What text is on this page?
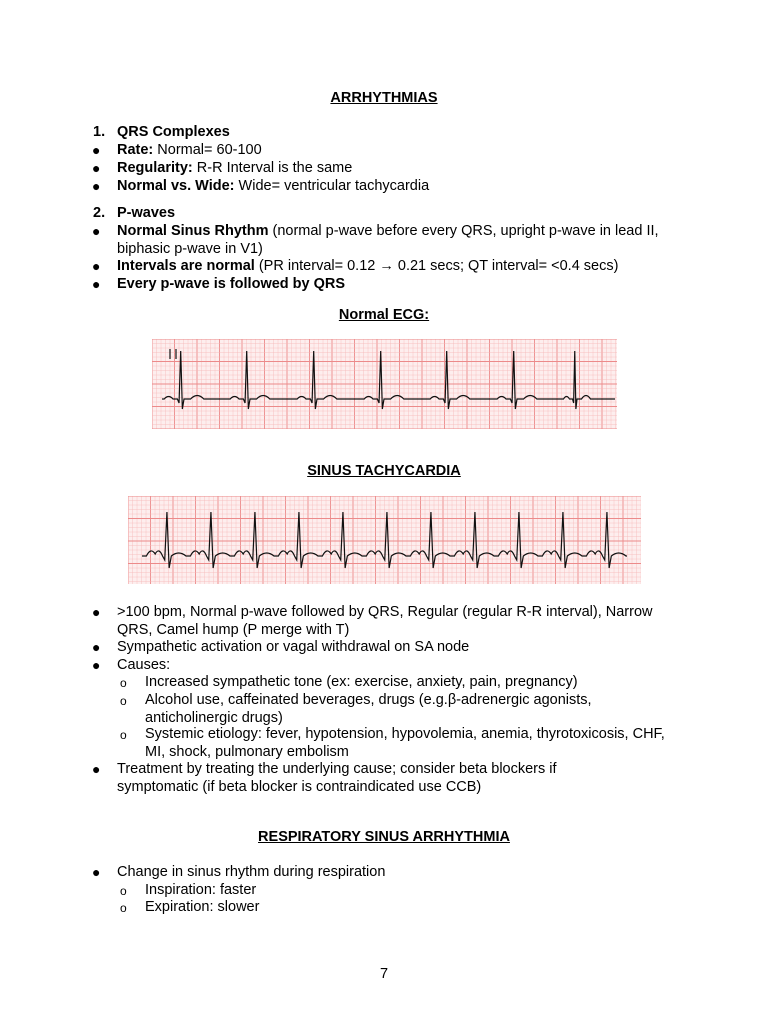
ARRHYTHMIAS
1. QRS Complexes
●	Rate: Normal= 60-100
●	Regularity: R-R Interval is the same
●	Normal vs. Wide: Wide= ventricular tachycardia
2. P-waves
●	Normal Sinus Rhythm (normal p-wave before every QRS, upright p-wave in lead II, biphasic p-wave in V1)
●	Intervals are normal (PR interval= 0.12 → 0.21 secs; QT interval= <0.4 secs)
●	Every p-wave is followed by QRS
Normal ECG:
SINUS TACHYCARDIA
●	>100 bpm, Normal p-wave followed by QRS, Regular (regular R-R interval), Narrow QRS, Camel hump (P merge with T)
●	Sympathetic activation or vagal withdrawal on SA node
●	Causes:
o Increased sympathetic tone (ex: exercise, anxiety, pain, pregnancy)
o Alcohol use, caffeinated beverages, drugs (e.g.β-adrenergic agonists, anticholinergic drugs)
o Systemic etiology: fever, hypotension, hypovolemia, anemia, thyrotoxicosis, CHF, MI, shock, pulmonary embolism
●	Treatment by treating the underlying cause; consider beta blockers if symptomatic (if beta blocker is contraindicated use CCB)
RESPIRATORY SINUS ARRHYTHMIA
●	Change in sinus rhythm during respiration
o Inspiration: faster
o Expiration: slower
7
